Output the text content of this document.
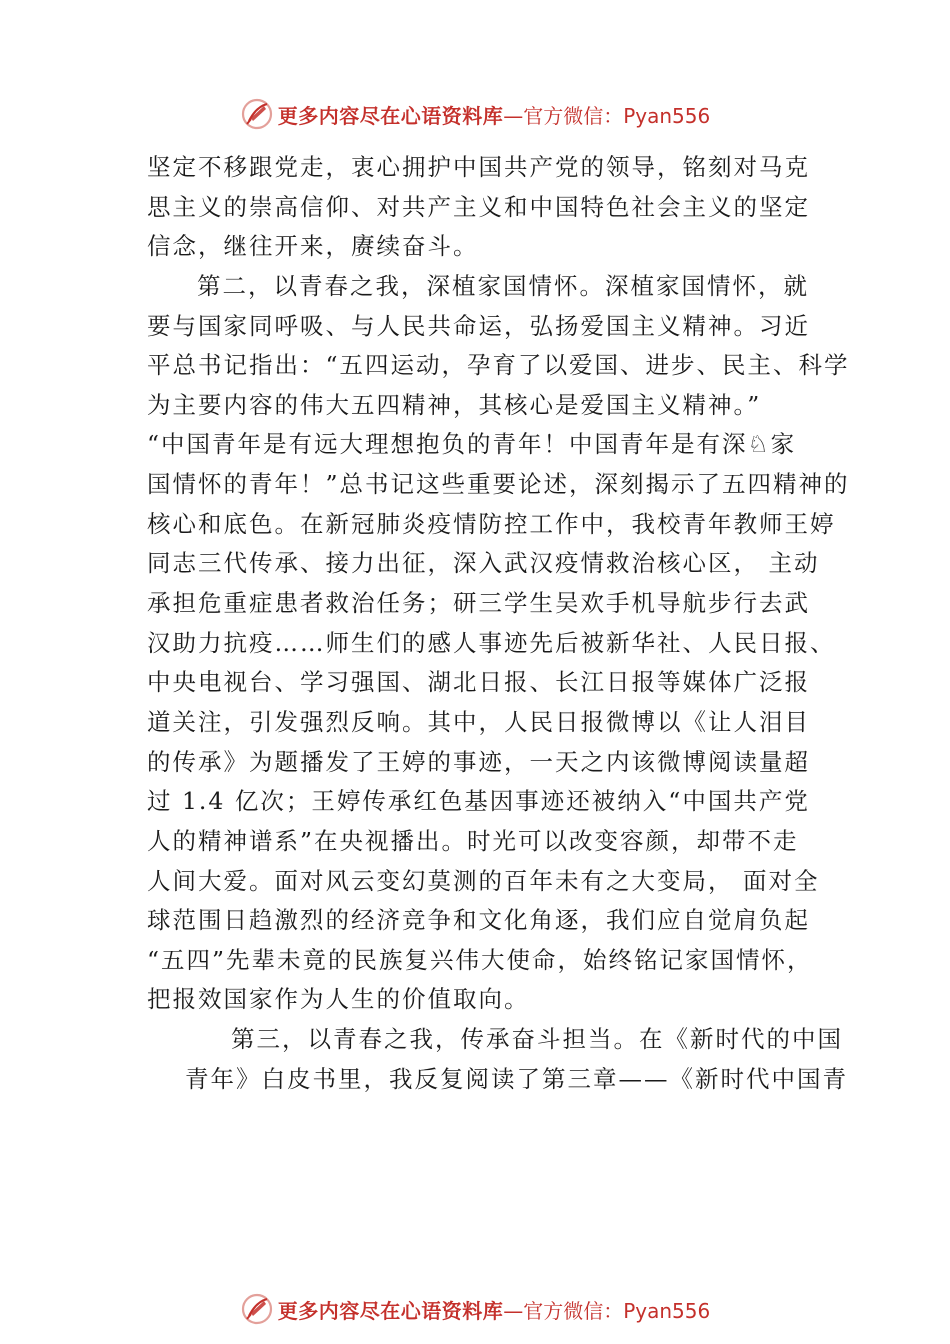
更多内容尽在心语资料库 —官方微信：Pyan556
坚定不移跟党走，衷心拥护中国共产党的领导，铭刻对马克
思主义的崇高信仰、对共产主义和中国特色社会主义的坚定
信念，继往开来，赓续奋斗。
第二，以青春之我，深植家国情怀。深植家国情怀，就
要与国家同呼吸、与人民共命运，弘扬爱国主义精神。习近
平总书记指出：“五四运动，孕育了以爱国、进步、民主、科学
为主要内容的伟大五四精神，其核心是爱国主义精神。”
“中国青年是有远大理想抱负的青年！中国青年是有深♘家
国情怀的青年！”总书记这些重要论述，深刻揭示了五四精神的
核心和底色。在新冠肺炎疫情防控工作中，我校青年教师王婷
同志三代传承、接力出征，深入武汉疫情救治核心区， 主动
承担危重症患者救治任务；研三学生吴欢手机导航步行去武
汉助力抗疫……师生们的感人事迹先后被新华社、人民日报、
中央电视台、学习强国、湖北日报、长江日报等媒体广泛报
道关注，引发强烈反响。其中，人民日报微博以《让人泪目
的传承》为题播发了王婷的事迹，一天之内该微博阅读量超
过 1.4 亿次；王婷传承红色基因事迹还被纳入“中国共产党
人的精神谱系”在央视播出。时光可以改变容颜，却带不走
人间大爱。面对风云变幻莫测的百年未有之大变局， 面对全
球范围日趋激烈的经济竞争和文化角逐，我们应自觉肩负起
“五四”先辈未竟的民族复兴伟大使命，始终铭记家国情怀，
把报效国家作为人生的价值取向。
第三，以青春之我，传承奋斗担当。在《新时代的中国
青年》白皮书里，我反复阅读了第三章——《新时代中国青
更多内容尽在心语资料库 —官方微信：Pyan556
